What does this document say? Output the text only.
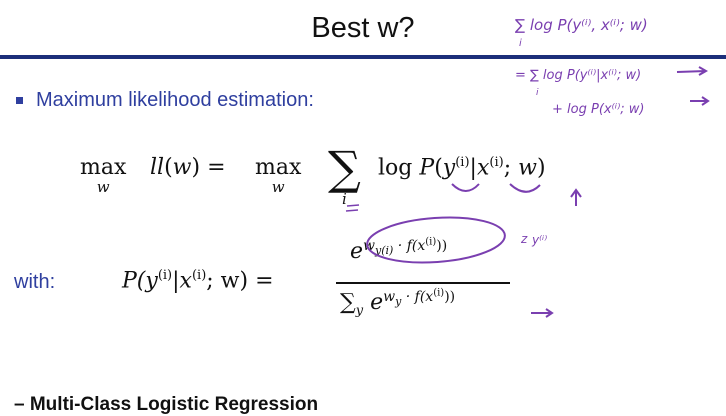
Best w?
Maximum likelihood estimation:
max
w
ll(w) = max
w ∑
i
$\log P(y^{(i)}|x^{(i)}$; w)
with:	$P(y^{(i)}|x^{(i)}$; w) =
$e^{w_{y(i)} \cdot f(x^{(i)}))}$
$\sum_y$ $e^{w_y \cdot f(x^{(i)}))}$
∑ log P(y⁽ⁱ⁾, x⁽ⁱ⁾; w)
i
= ∑ log P(y⁽ⁱ⁾|x⁽ⁱ⁾; w)
i
+ log P(x⁽ⁱ⁾; w)
z y⁽ⁱ⁾
– Multi-Class Logistic Regression
